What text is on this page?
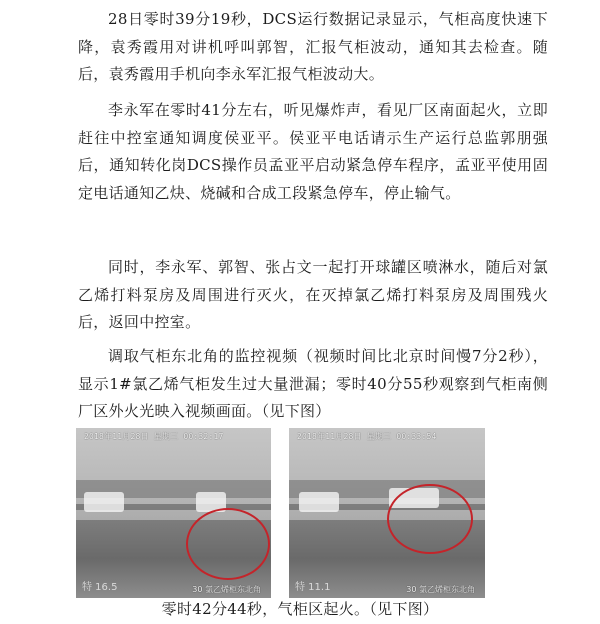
28日零时39分19秒，DCS运行数据记录显示，气柜高度快速下降，袁秀霞用对讲机呼叫郭智，汇报气柜波动，通知其去检查。随后，袁秀霞用手机向李永军汇报气柜波动大。

李永军在零时41分左右，听见爆炸声，看见厂区南面起火，立即赶往中控室通知调度侯亚平。侯亚平电话请示生产运行总监郭朋强后，通知转化岗DCS操作员孟亚平启动紧急停车程序，孟亚平使用固定电话通知乙炔、烧碱和合成工段紧急停车，停止输气。

同时，李永军、郭智、张占文一起打开球罐区喷淋水，随后对氯乙烯打料泵房及周围进行灭火，在灭掉氯乙烯打料泵房及周围残火后，返回中控室。

调取气柜东北角的监控视频（视频时间比北京时间慢7分2秒），显示1#氯乙烯气柜发生过大量泄漏；零时40分55秒观察到气柜南侧厂区外火光映入视频画面。（见下图）

2018年11月28日 星期三 00:32:17
特 16.5	30 氯乙烯柜东北角
2018年11月28日 星期三 00:33:54
特 11.1	30 氯乙烯柜东北角
零时42分44秒，气柜区起火。（见下图）
